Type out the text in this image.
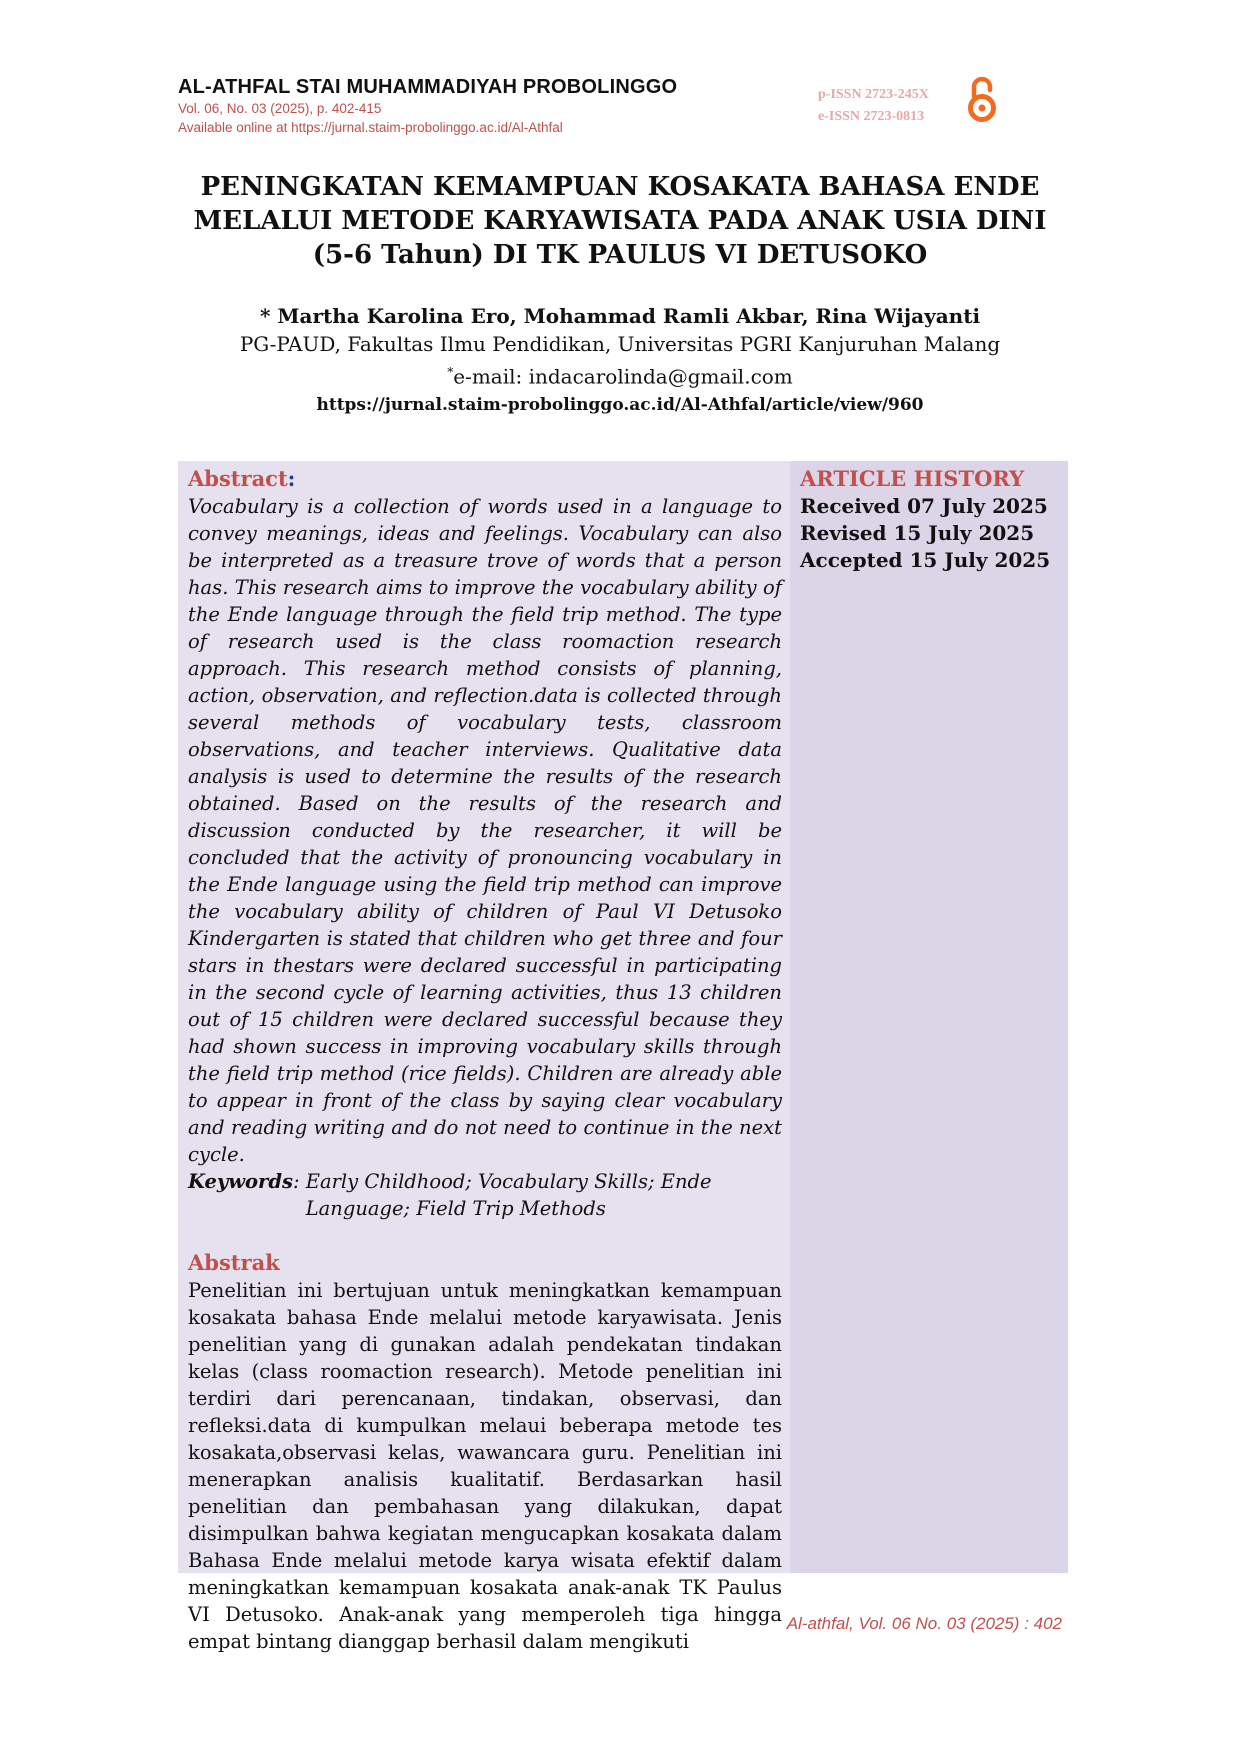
AL-ATHFAL STAI MUHAMMADIYAH PROBOLINGGO
Vol. 06, No. 03 (2025), p. 402-415
Available online at https://jurnal.staim-probolinggo.ac.id/Al-Athfal
p-ISSN 2723-245X
e-ISSN 2723-0813
PENINGKATAN KEMAMPUAN KOSAKATA BAHASA ENDE MELALUI METODE KARYAWISATA PADA ANAK USIA DINI (5-6 Tahun) DI TK PAULUS VI DETUSOKO
* Martha Karolina Ero, Mohammad Ramli Akbar, Rina Wijayanti
PG-PAUD, Fakultas Ilmu Pendidikan, Universitas PGRI Kanjuruhan Malang
*e-mail: indacarolinda@gmail.com
https://jurnal.staim-probolinggo.ac.id/Al-Athfal/article/view/960
Abstract:

Vocabulary is a collection of words used in a language to convey meanings, ideas and feelings. Vocabulary can also be interpreted as a treasure trove of words that a person has. This research aims to improve the vocabulary ability of the Ende language through the field trip method. The type of research used is the class roomaction research approach. This research method consists of planning, action, observation, and reflection.data is collected through several methods of vocabulary tests, classroom observations, and teacher interviews. Qualitative data analysis is used to determine the results of the research obtained. Based on the results of the research and discussion conducted by the researcher, it will be concluded that the activity of pronouncing vocabulary in the Ende language using the field trip method can improve the vocabulary ability of children of Paul VI Detusoko Kindergarten is stated that children who get three and four stars in thestars were declared successful in participating in the second cycle of learning activities, thus 13 children out of 15 children were declared successful because they had shown success in improving vocabulary skills through the field trip method (rice fields). Children are already able to appear in front of the class by saying clear vocabulary and reading writing and do not need to continue in the next cycle.

Keywords : Early Childhood; Vocabulary Skills; Ende Language; Field Trip Methods
Abstrak

Penelitian ini bertujuan untuk meningkatkan kemampuan kosakata bahasa Ende melalui metode karyawisata. Jenis penelitian yang di gunakan adalah pendekatan tindakan kelas (class roomaction research). Metode penelitian ini terdiri dari perencanaan, tindakan, observasi, dan refleksi.data di kumpulkan melaui beberapa metode tes kosakata,observasi kelas, wawancara guru. Penelitian ini menerapkan analisis kualitatif. Berdasarkan hasil penelitian dan pembahasan yang dilakukan, dapat disimpulkan bahwa kegiatan mengucapkan kosakata dalam Bahasa Ende melalui metode karya wisata efektif dalam meningkatkan kemampuan kosakata anak-anak TK Paulus VI Detusoko. Anak-anak yang memperoleh tiga hingga empat bintang dianggap berhasil dalam mengikuti

ARTICLE HISTORY
Received 07 July 2025
Revised 15 July 2025
Accepted 15 July 2025
Al-athfal, Vol. 06 No. 03 (2025) : 402
